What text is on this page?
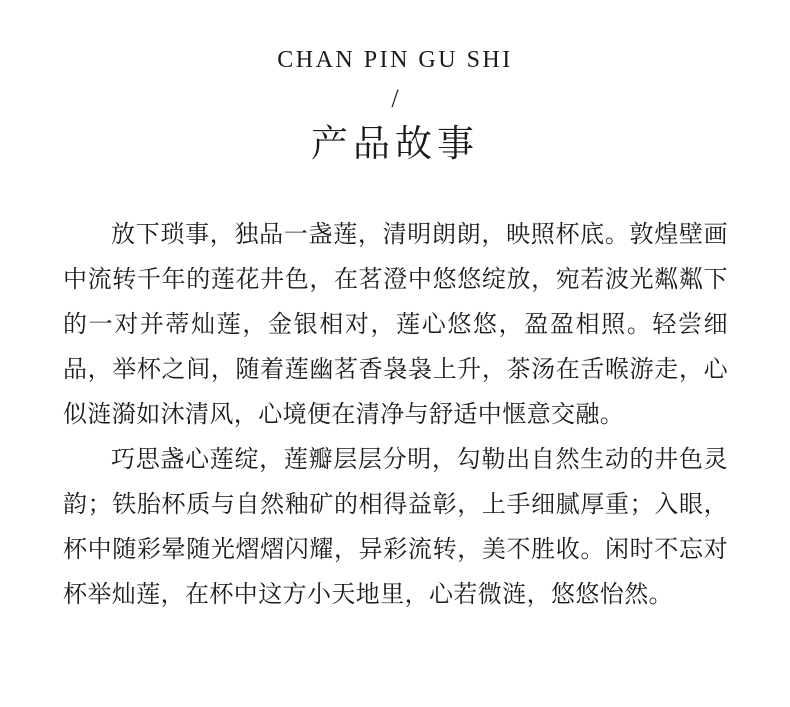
CHAN PIN GU SHI
/
产品故事

放下琐事，独品一盏莲，清明朗朗，映照杯底。敦煌壁画中流转千年的莲花井色，在茗澄中悠悠绽放，宛若波光粼粼下的一对并蒂灿莲，金银相对，莲心悠悠，盈盈相照。轻尝细品，举杯之间，随着莲幽茗香袅袅上升，茶汤在舌喉游走，心似涟漪如沐清风，心境便在清净与舒适中惬意交融。

巧思盏心莲绽，莲瓣层层分明，勾勒出自然生动的井色灵韵；铁胎杯质与自然釉矿的相得益彰，上手细腻厚重；入眼，杯中随彩晕随光熠熠闪耀，异彩流转，美不胜收。闲时不忘对杯举灿莲，在杯中这方小天地里，心若微涟，悠悠怡然。
